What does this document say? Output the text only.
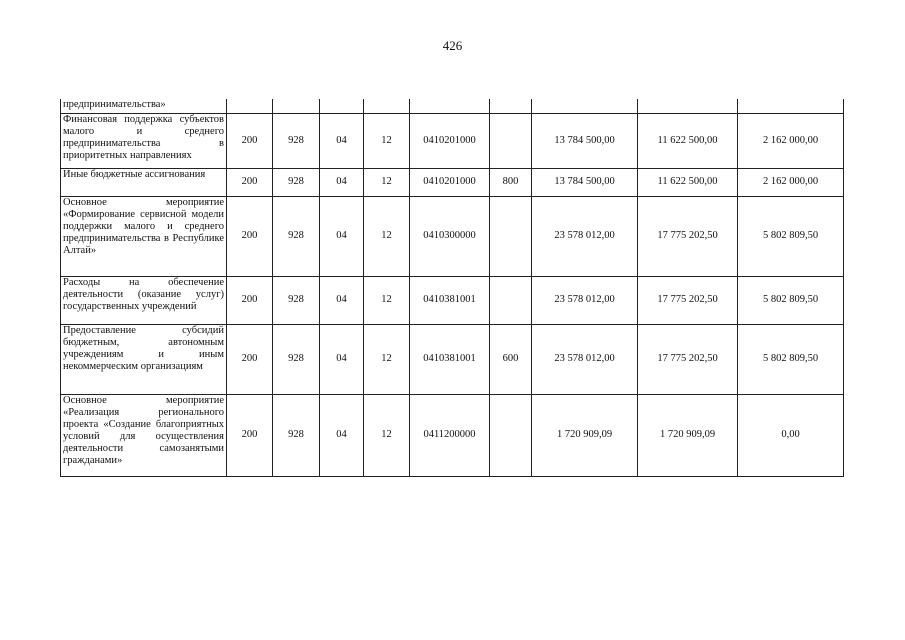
426
предпринимательства»									
Финансовая поддержка субъектов малого и среднего предпринимательства в приоритетных направлениях	200	928	04	12	0410201000		13 784 500,00	11 622 500,00	2 162 000,00
Иные бюджетные ассигнования	200	928	04	12	0410201000	800	13 784 500,00	11 622 500,00	2 162 000,00
Основное мероприятие «Формирование сервисной модели поддержки малого и среднего предпринимательства в Республике Алтай»	200	928	04	12	0410300000		23 578 012,00	17 775 202,50	5 802 809,50
Расходы на обеспечение деятельности (оказание услуг) государственных учреждений	200	928	04	12	0410381001		23 578 012,00	17 775 202,50	5 802 809,50
Предоставление субсидий бюджетным, автономным учреждениям и иным некоммерческим организациям	200	928	04	12	0410381001	600	23 578 012,00	17 775 202,50	5 802 809,50
Основное мероприятие «Реализация регионального проекта «Создание благоприятных условий для осуществления деятельности самозанятыми гражданами»	200	928	04	12	0411200000		1 720 909,09	1 720 909,09	0,00
